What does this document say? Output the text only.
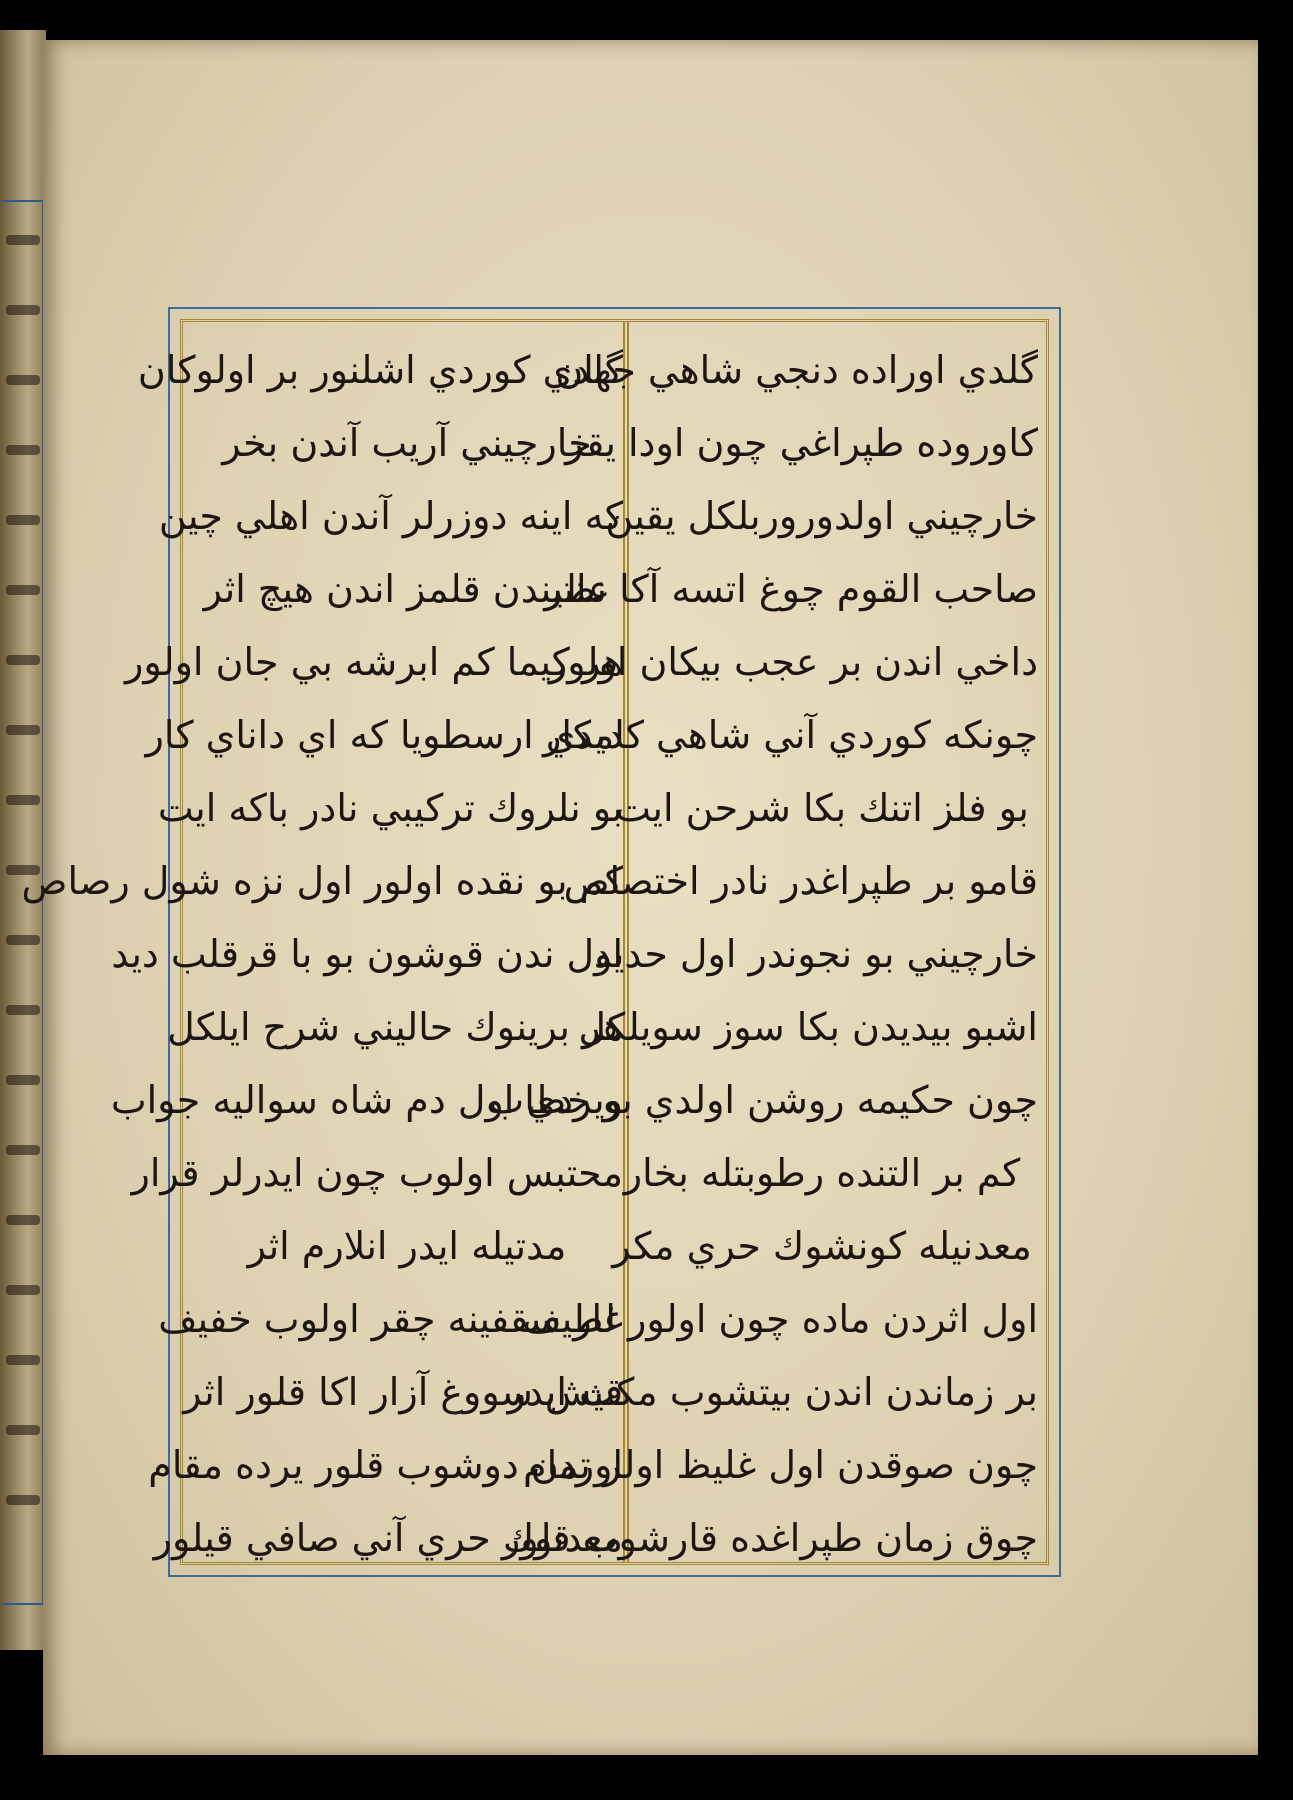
گلدي اوراده دنجي شاهي جهان
كاوروده طپراغي چون اودا يقر
خارچيني اولدوروربلكل يقين
صاحب القوم چوغ اتسه آكا نظر
داخي اندن بر عجب بيكان اولور
چونكه كوردي آني شاهي كامكار
بو فلز اتنك بكا شرحن ايت
قامو بر طپراغدر نادر اختصاص
خارچيني بو نجوندر اول حديد
اشبو بيديدن بكا سوز سويلكل
چون حكيمه روشن اولدي بو خطاب
كم بر التنده رطوبتله بخار
معدنيله كونشوك حري مكر
اول اثردن ماده چون اولور لطيف
بر زماندن اندن بيتشوب مكث ايدر
چون صوقدن اول غليظ اولر تمام
چوق زمان طپراغده قارشوب قلور
گلدي كوردي اشلنور بر اولوكان
خارچيني آريب آندن بخر
كه اينه دوزرلر آندن اهلي چين
علتيندن قلمز اندن هيچ اثر
هر كيما كم ابرشه بي جان اولور
ديدي ارسطويا كه اي داناي كار
بو نلروك تركيبي نادر باكه ايت
كم بو نقده اولور اول نزه شول رصاص
اول ندن قوشون بو با قرقلب ديد
هر برينوك حاليني شرح ايلكل
ويردي اول دم شاه سواليه جواب
محتبس اولوب چون ايدرلر قرار
مدتيله ايدر انلارم اثر
غار سقفينه چقر اولوب خفيف
قيش سووغ آزار اكا قلور اثر
اوردن دوشوب قلور يرده مقام
معدنوك حري آني صافي قيلور
